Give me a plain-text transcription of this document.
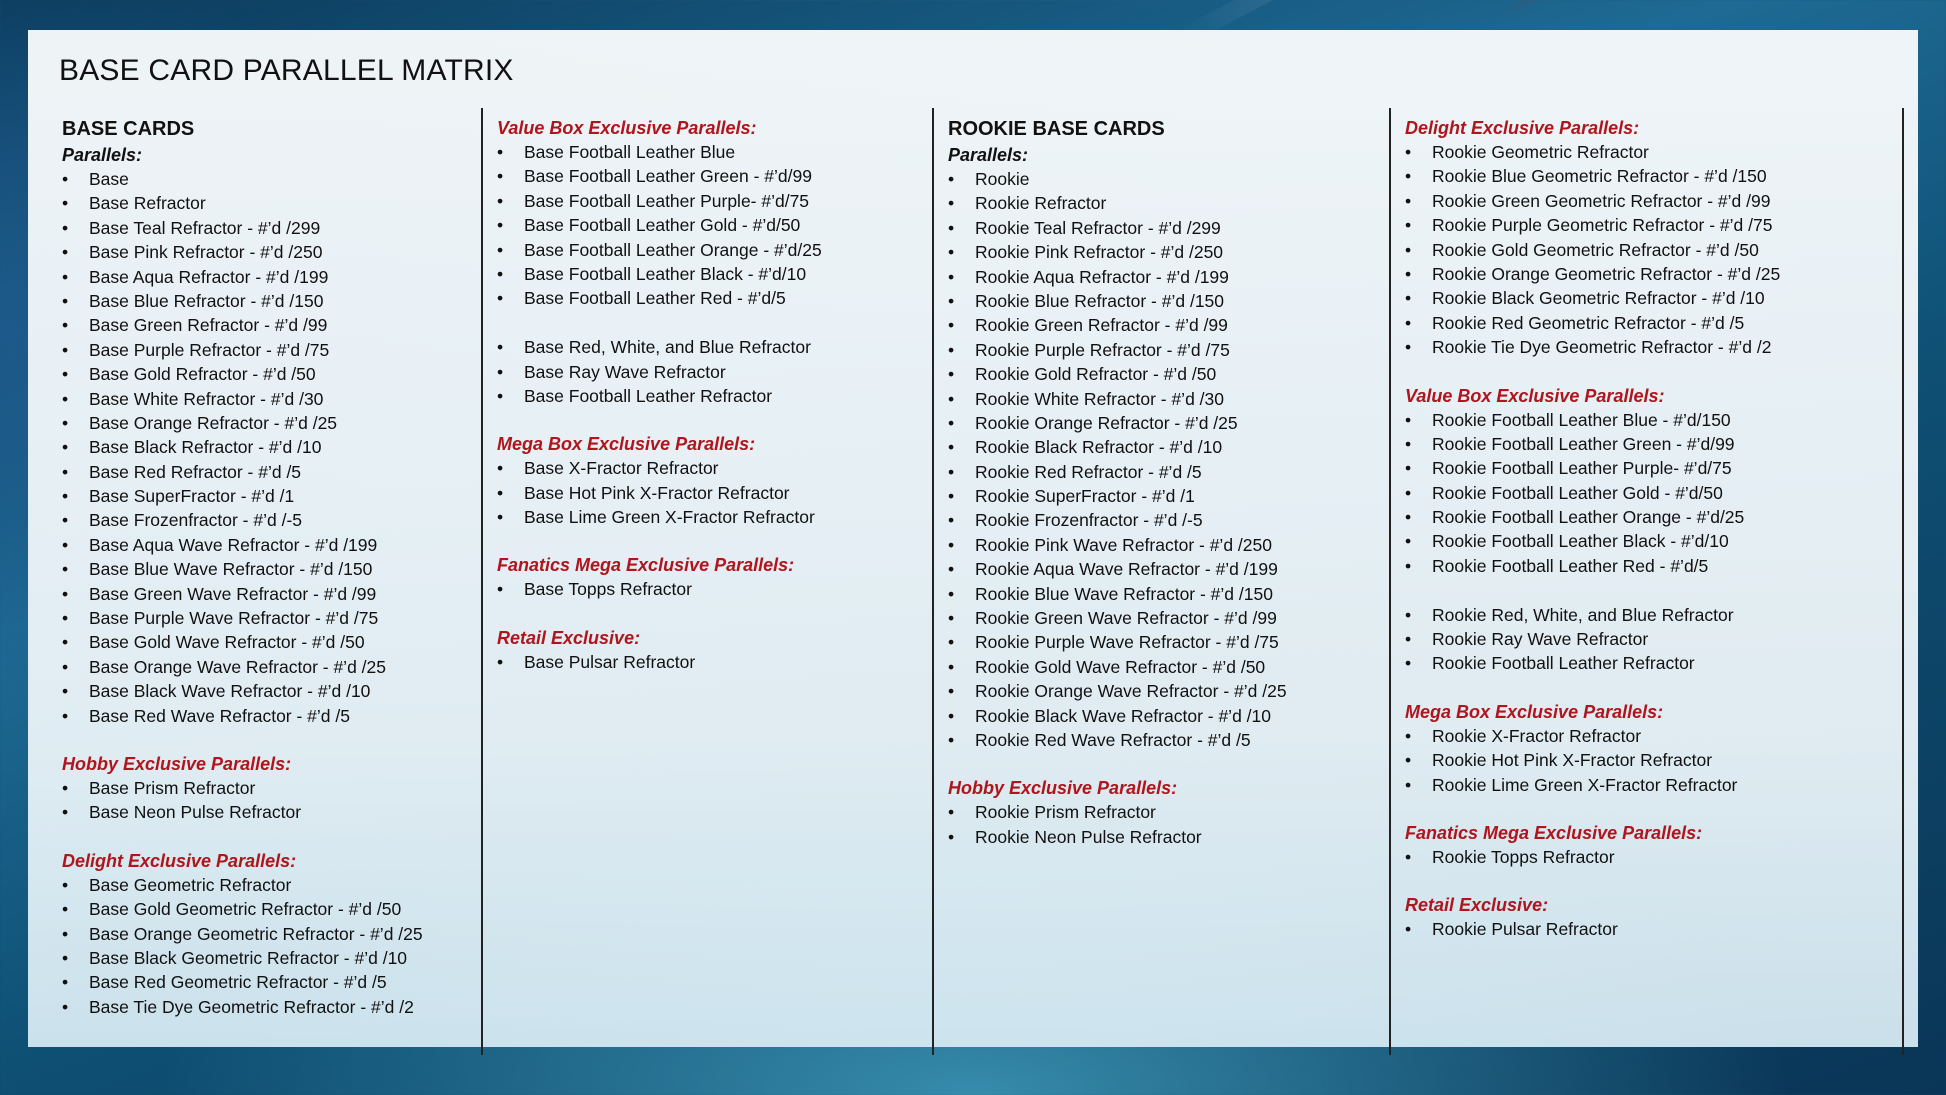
BASE CARD PARALLEL MATRIX
BASE CARDS
Parallels:
• Base
• Base Refractor
• Base Teal Refractor - #’d /299
• Base Pink Refractor - #’d /250
• Base Aqua Refractor - #’d /199
• Base Blue Refractor - #’d /150
• Base Green Refractor - #’d /99
• Base Purple Refractor - #’d /75
• Base Gold Refractor - #’d /50
• Base White Refractor - #’d /30
• Base Orange Refractor - #’d /25
• Base Black Refractor - #’d /10
• Base Red Refractor - #’d /5
• Base SuperFractor - #’d /1
• Base Frozenfractor - #’d /-5
• Base Aqua Wave Refractor - #’d /199
• Base Blue Wave Refractor - #’d /150
• Base Green Wave Refractor - #’d /99
• Base Purple Wave Refractor - #’d /75
• Base Gold Wave Refractor - #’d /50
• Base Orange Wave Refractor - #’d /25
• Base Black Wave Refractor - #’d /10
• Base Red Wave Refractor - #’d /5
Hobby Exclusive Parallels:
• Base Prism Refractor
• Base Neon Pulse Refractor
Delight Exclusive Parallels:
• Base Geometric Refractor
• Base Gold Geometric Refractor - #’d /50
• Base Orange Geometric Refractor - #’d /25
• Base Black Geometric Refractor - #’d /10
• Base Red Geometric Refractor - #’d /5
• Base Tie Dye Geometric Refractor - #’d /2
Value Box Exclusive Parallels:
• Base Football Leather Blue
• Base Football Leather Green - #’d/99
• Base Football Leather Purple- #’d/75
• Base Football Leather Gold - #’d/50
• Base Football Leather Orange - #’d/25
• Base Football Leather Black - #’d/10
• Base Football Leather Red - #’d/5
• Base Red, White, and Blue Refractor
• Base Ray Wave Refractor
• Base Football Leather Refractor
Mega Box Exclusive Parallels:
• Base X-Fractor Refractor
• Base Hot Pink X-Fractor Refractor
• Base Lime Green X-Fractor Refractor
Fanatics Mega Exclusive Parallels:
• Base Topps Refractor
Retail Exclusive:
• Base Pulsar Refractor
ROOKIE BASE CARDS
Parallels:
• Rookie
• Rookie Refractor
• Rookie Teal Refractor - #’d /299
• Rookie Pink Refractor - #’d /250
• Rookie Aqua Refractor - #’d /199
• Rookie Blue Refractor - #’d /150
• Rookie Green Refractor - #’d /99
• Rookie Purple Refractor - #’d /75
• Rookie Gold Refractor - #’d /50
• Rookie White Refractor - #’d /30
• Rookie Orange Refractor - #’d /25
• Rookie Black Refractor - #’d /10
• Rookie Red Refractor - #’d /5
• Rookie SuperFractor - #’d /1
• Rookie Frozenfractor - #’d /-5
• Rookie Pink Wave Refractor - #’d /250
• Rookie Aqua Wave Refractor - #’d /199
• Rookie Blue Wave Refractor - #’d /150
• Rookie Green Wave Refractor - #’d /99
• Rookie Purple Wave Refractor - #’d /75
• Rookie Gold Wave Refractor - #’d /50
• Rookie Orange Wave Refractor - #’d /25
• Rookie Black Wave Refractor - #’d /10
• Rookie Red Wave Refractor - #’d /5
Hobby Exclusive Parallels:
• Rookie Prism Refractor
• Rookie Neon Pulse Refractor
Delight Exclusive Parallels:
• Rookie Geometric Refractor
• Rookie Blue Geometric Refractor - #’d /150
• Rookie Green Geometric Refractor - #’d /99
• Rookie Purple Geometric Refractor - #’d /75
• Rookie Gold Geometric Refractor - #’d /50
• Rookie Orange Geometric Refractor - #’d /25
• Rookie Black Geometric Refractor - #’d /10
• Rookie Red Geometric Refractor - #’d /5
• Rookie Tie Dye Geometric Refractor - #’d /2
Value Box Exclusive Parallels:
• Rookie Football Leather Blue - #’d/150
• Rookie Football Leather Green - #’d/99
• Rookie Football Leather Purple- #’d/75
• Rookie Football Leather Gold - #’d/50
• Rookie Football Leather Orange - #’d/25
• Rookie Football Leather Black - #’d/10
• Rookie Football Leather Red - #’d/5
• Rookie Red, White, and Blue Refractor
• Rookie Ray Wave Refractor
• Rookie Football Leather Refractor
Mega Box Exclusive Parallels:
• Rookie X-Fractor Refractor
• Rookie Hot Pink X-Fractor Refractor
• Rookie Lime Green X-Fractor Refractor
Fanatics Mega Exclusive Parallels:
• Rookie Topps Refractor
Retail Exclusive:
• Rookie Pulsar Refractor
